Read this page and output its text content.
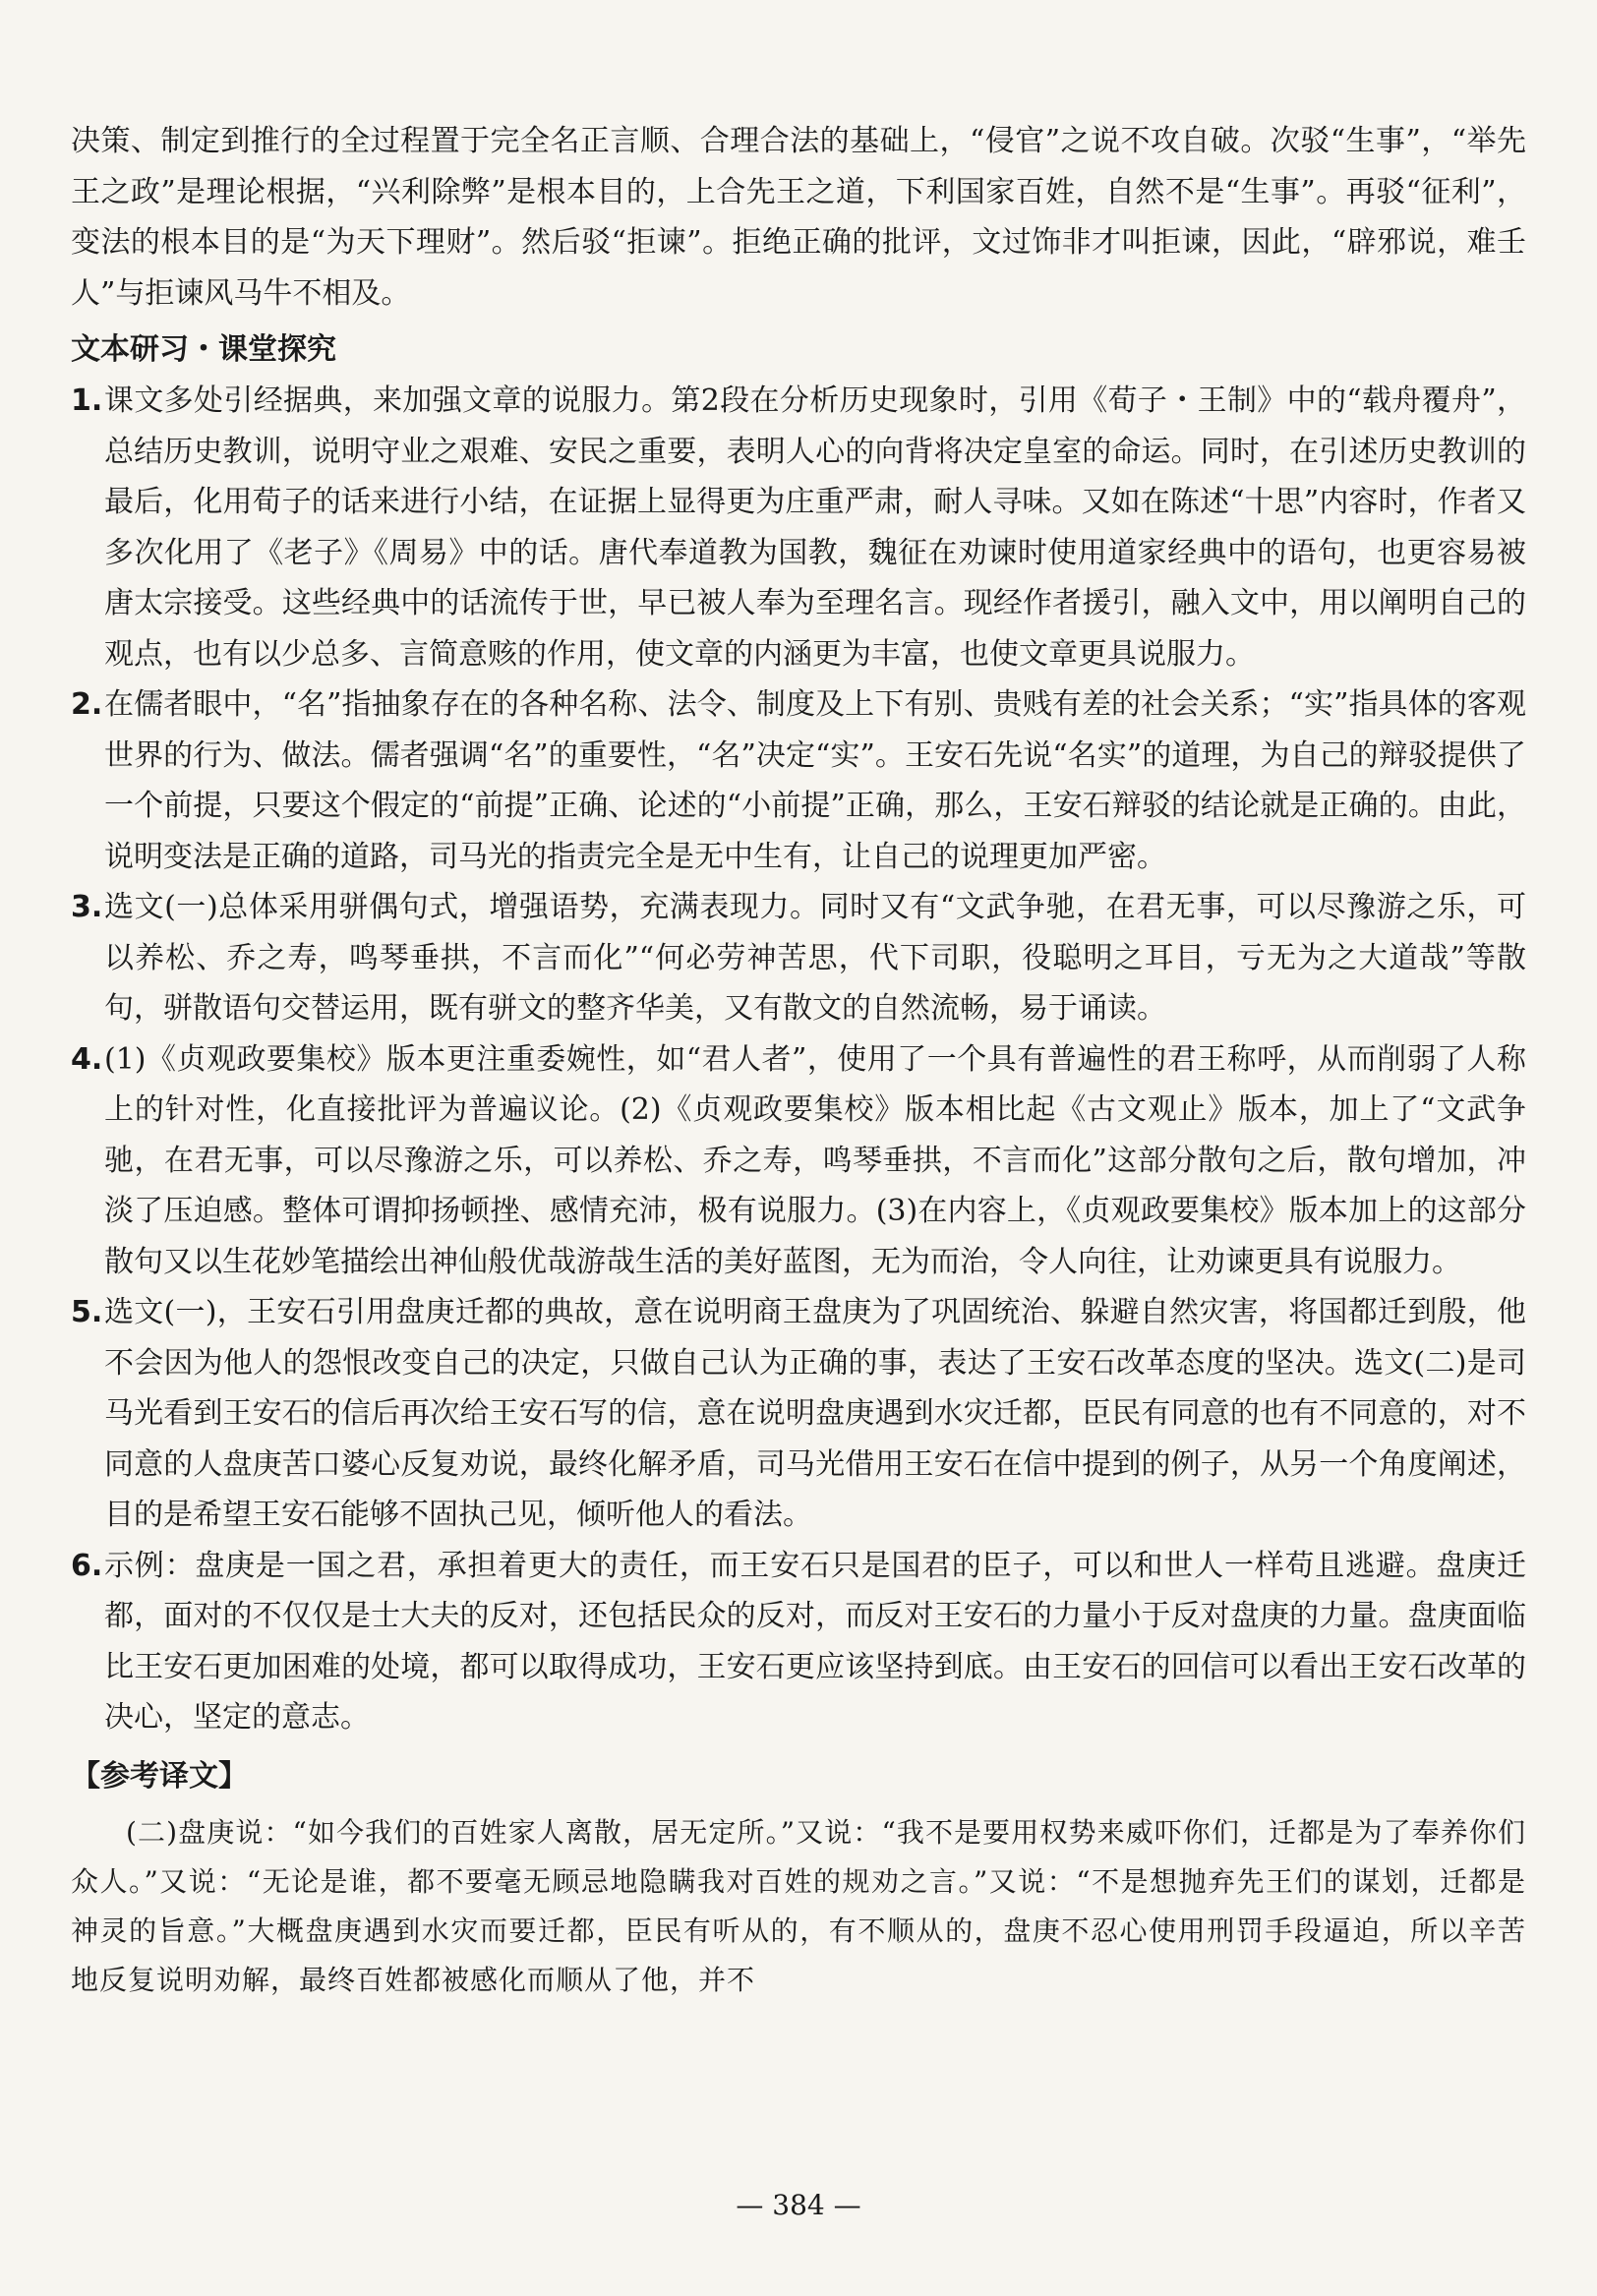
决策、制定到推行的全过程置于完全名正言顺、合理合法的基础上，“侵官”之说不攻自破。次驳“生事”，“举先王之政”是理论根据，“兴利除弊”是根本目的，上合先王之道，下利国家百姓，自然不是“生事”。再驳“征利”，变法的根本目的是“为天下理财”。然后驳“拒谏”。拒绝正确的批评，文过饰非才叫拒谏，因此，“辟邪说，难壬人”与拒谏风马牛不相及。

文本研习・课堂探究
1. 课文多处引经据典，来加强文章的说服力。第2段在分析历史现象时，引用《荀子・王制》中的“载舟覆舟”，总结历史教训，说明守业之艰难、安民之重要，表明人心的向背将决定皇室的命运。同时，在引述历史教训的最后，化用荀子的话来进行小结，在证据上显得更为庄重严肃，耐人寻味。又如在陈述“十思”内容时，作者又多次化用了《老子》《周易》中的话。唐代奉道教为国教，魏征在劝谏时使用道家经典中的语句，也更容易被唐太宗接受。这些经典中的话流传于世，早已被人奉为至理名言。现经作者援引，融入文中，用以阐明自己的观点，也有以少总多、言简意赅的作用，使文章的内涵更为丰富，也使文章更具说服力。
2. 在儒者眼中，“名”指抽象存在的各种名称、法令、制度及上下有别、贵贱有差的社会关系；“实”指具体的客观世界的行为、做法。儒者强调“名”的重要性，“名”决定“实”。王安石先说“名实”的道理，为自己的辩驳提供了一个前提，只要这个假定的“前提”正确、论述的“小前提”正确，那么，王安石辩驳的结论就是正确的。由此，说明变法是正确的道路，司马光的指责完全是无中生有，让自己的说理更加严密。
3. 选文(一)总体采用骈偶句式，增强语势，充满表现力。同时又有“文武争驰，在君无事，可以尽豫游之乐，可以养松、乔之寿，鸣琴垂拱，不言而化”“何必劳神苦思，代下司职，役聪明之耳目，亏无为之大道哉”等散句，骈散语句交替运用，既有骈文的整齐华美，又有散文的自然流畅，易于诵读。
4. (1)《贞观政要集校》版本更注重委婉性，如“君人者”，使用了一个具有普遍性的君王称呼，从而削弱了人称上的针对性，化直接批评为普遍议论。(2)《贞观政要集校》版本相比起《古文观止》版本，加上了“文武争驰，在君无事，可以尽豫游之乐，可以养松、乔之寿，鸣琴垂拱，不言而化”这部分散句之后，散句增加，冲淡了压迫感。整体可谓抑扬顿挫、感情充沛，极有说服力。(3)在内容上，《贞观政要集校》版本加上的这部分散句又以生花妙笔描绘出神仙般优哉游哉生活的美好蓝图，无为而治，令人向往，让劝谏更具有说服力。
5. 选文(一)，王安石引用盘庚迁都的典故，意在说明商王盘庚为了巩固统治、躲避自然灾害，将国都迁到殷，他不会因为他人的怨恨改变自己的决定，只做自己认为正确的事，表达了王安石改革态度的坚决。选文(二)是司马光看到王安石的信后再次给王安石写的信，意在说明盘庚遇到水灾迁都，臣民有同意的也有不同意的，对不同意的人盘庚苦口婆心反复劝说，最终化解矛盾，司马光借用王安石在信中提到的例子，从另一个角度阐述，目的是希望王安石能够不固执己见，倾听他人的看法。
6. 示例：盘庚是一国之君，承担着更大的责任，而王安石只是国君的臣子，可以和世人一样苟且逃避。盘庚迁都，面对的不仅仅是士大夫的反对，还包括民众的反对，而反对王安石的力量小于反对盘庚的力量。盘庚面临比王安石更加困难的处境，都可以取得成功，王安石更应该坚持到底。由王安石的回信可以看出王安石改革的决心，坚定的意志。
【参考译文】

(二)盘庚说：“如今我们的百姓家人离散，居无定所。”又说：“我不是要用权势来威吓你们，迁都是为了奉养你们众人。”又说：“无论是谁，都不要毫无顾忌地隐瞒我对百姓的规劝之言。”又说：“不是想抛弃先王们的谋划，迁都是神灵的旨意。”大概盘庚遇到水灾而要迁都，臣民有听从的，有不顺从的，盘庚不忍心使用刑罚手段逼迫，所以辛苦地反复说明劝解，最终百姓都被感化而顺从了他，并不

— 384 —
